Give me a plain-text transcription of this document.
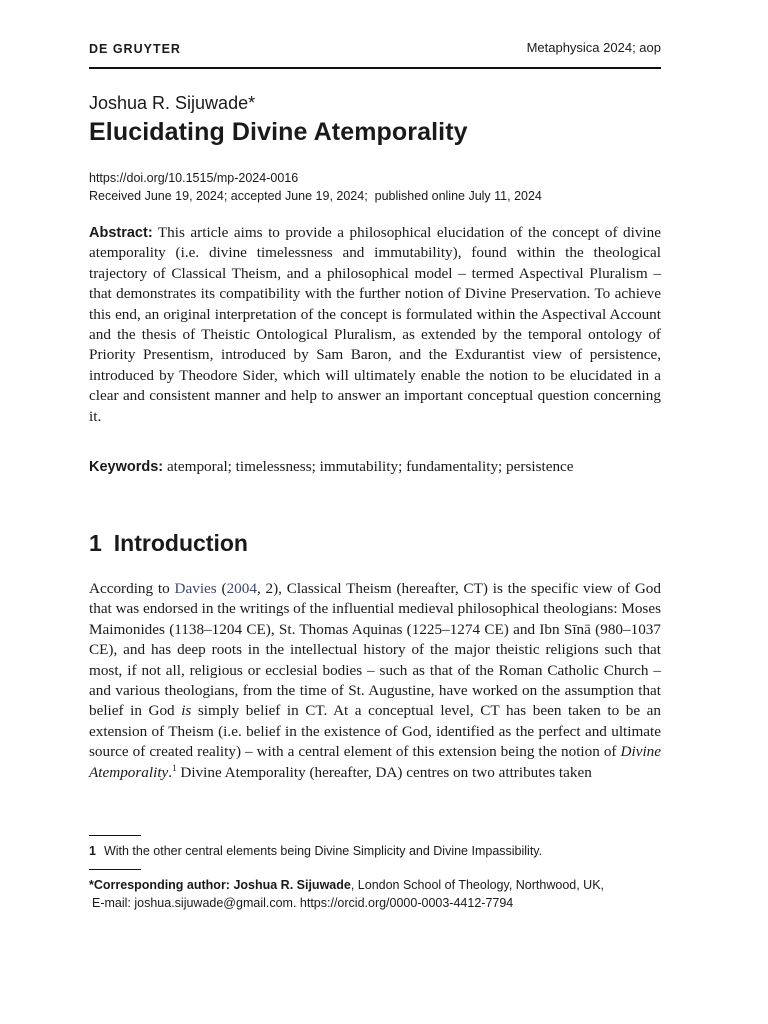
DE GRUYTER	Metaphysica 2024; aop
Joshua R. Sijuwade*
Elucidating Divine Atemporality
https://doi.org/10.1515/mp-2024-0016
Received June 19, 2024; accepted June 19, 2024;  published online July 11, 2024
Abstract: This article aims to provide a philosophical elucidation of the concept of divine atemporality (i.e. divine timelessness and immutability), found within the theological trajectory of Classical Theism, and a philosophical model – termed Aspectival Pluralism – that demonstrates its compatibility with the further notion of Divine Preservation. To achieve this end, an original interpretation of the concept is formulated within the Aspectival Account and the thesis of Theistic Ontological Pluralism, as extended by the temporal ontology of Priority Presentism, introduced by Sam Baron, and the Exdurantist view of persistence, introduced by Theodore Sider, which will ultimately enable the notion to be elucidated in a clear and consistent manner and help to answer an important conceptual question concerning it.
Keywords: atemporal; timelessness; immutability; fundamentality; persistence
1 Introduction
According to Davies (2004, 2), Classical Theism (hereafter, CT) is the specific view of God that was endorsed in the writings of the influential medieval philosophical theologians: Moses Maimonides (1138–1204 CE), St. Thomas Aquinas (1225–1274 CE) and Ibn Sīnā (980–1037 CE), and has deep roots in the intellectual history of the major theistic religions such that most, if not all, religious or ecclesial bodies – such as that of the Roman Catholic Church – and various theologians, from the time of St. Augustine, have worked on the assumption that belief in God is simply belief in CT. At a conceptual level, CT has been taken to be an extension of Theism (i.e. belief in the existence of God, identified as the perfect and ultimate source of created reality) – with a central element of this extension being the notion of Divine Atemporality.$^1$ Divine Atemporality (hereafter, DA) centres on two attributes taken
1 With the other central elements being Divine Simplicity and Divine Impassibility.
*Corresponding author: Joshua R. Sijuwade, London School of Theology, Northwood, UK,
E-mail: joshua.sijuwade@gmail.com. https://orcid.org/0000-0003-4412-7794
